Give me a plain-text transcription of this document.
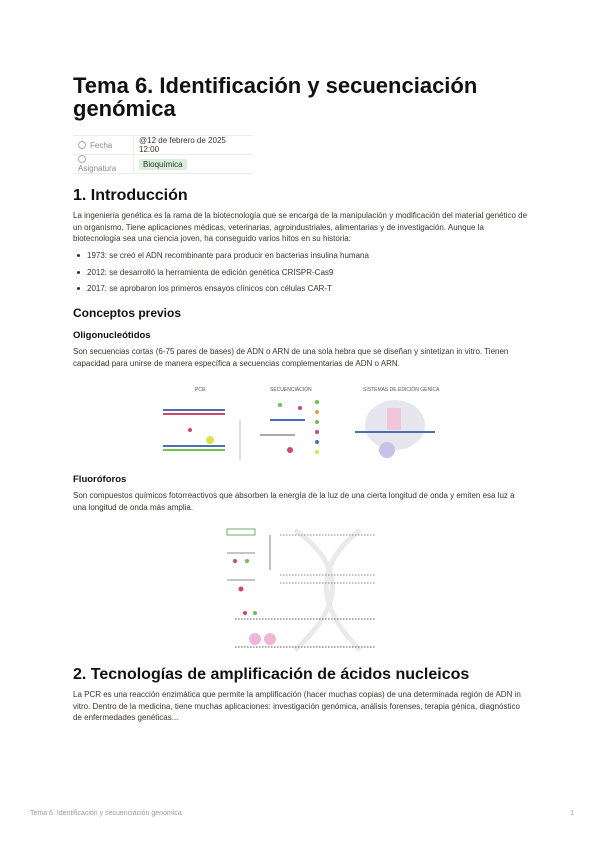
Tema 6. Identificación y secuenciación genómica
Fecha	@12 de febrero de 2025 12:00
Asignatura	Bioquímica
1. Introducción

La ingeniería genética es la rama de la biotecnología que se encarga de la manipulación y modificación del material genético de un organismo. Tiene aplicaciones médicas, veterinarias, agroindustriales, alimentarias y de investigación. Aunque la biotecnología sea una ciencia joven, ha conseguido varios hitos en su historia:

1973: se creó el ADN recombinante para producir en bacterias insulina humana
2012: se desarrolló la herramienta de edición genética CRISPR-Cas9
2017: se aprobaron los primeros ensayos clínicos con células CAR-T
Conceptos previos
Oligonucleótidos

Son secuencias cortas (6-75 pares de bases) de ADN o ARN de una sola hebra que se diseñan y sintetizan in vitro. Tienen capacidad para unirse de manera específica a secuencias complementarias de ADN o ARN.

PCR	SECUENCIACIÓN	SISTEMAS DE EDICIÓN GÉNICA
Fluoróforos

Son compuestos químicos fotorreactivos que absorben la energía de la luz de una cierta longitud de onda y emiten esa luz a una longitud de onda más amplia.

2. Tecnologías de amplificación de ácidos nucleicos

La PCR es una reacción enzimática que permite la amplificación (hacer muchas copias) de una determinada región de ADN in vitro. Dentro de la medicina, tiene muchas aplicaciones: investigación genómica, análisis forenses, terapia génica, diagnóstico de enfermedades genéticas...

Tema 6. Identificación y secuenciación genómica	1
